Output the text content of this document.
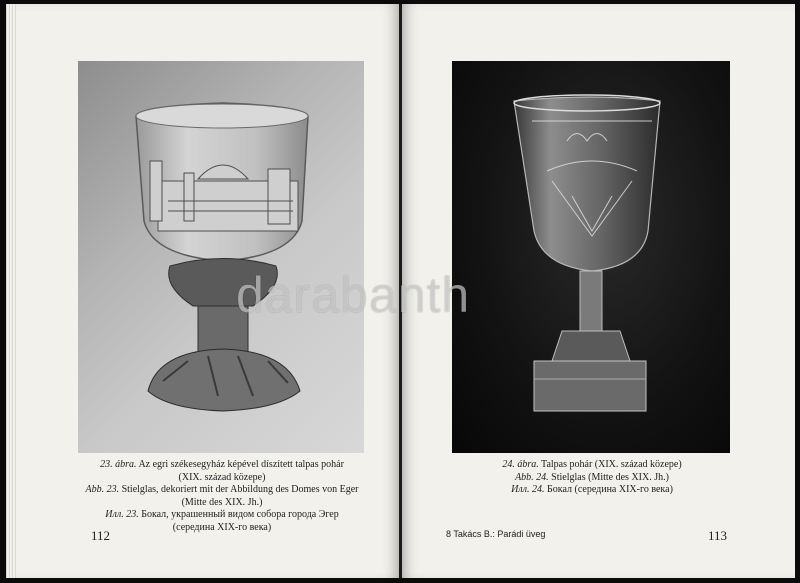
23. ábra. Az egri székesegyház képével díszített talpas pohár
(XIX. század közepe)
Abb. 23. Stielglas, dekoriert mit der Abbildung des Domes von Eger
(Mitte des XIX. Jh.)
Илл. 23. Бокал, украшенный видом собора города Эгер
(середина XIX-го века)
112
24. ábra. Talpas pohár (XIX. század közepe)
Abb. 24. Stielglas (Mitte des XIX. Jh.)
Илл. 24. Бокал (середина XIX-го века)
8 Takács B.: Parádi üveg	113
darabanth
